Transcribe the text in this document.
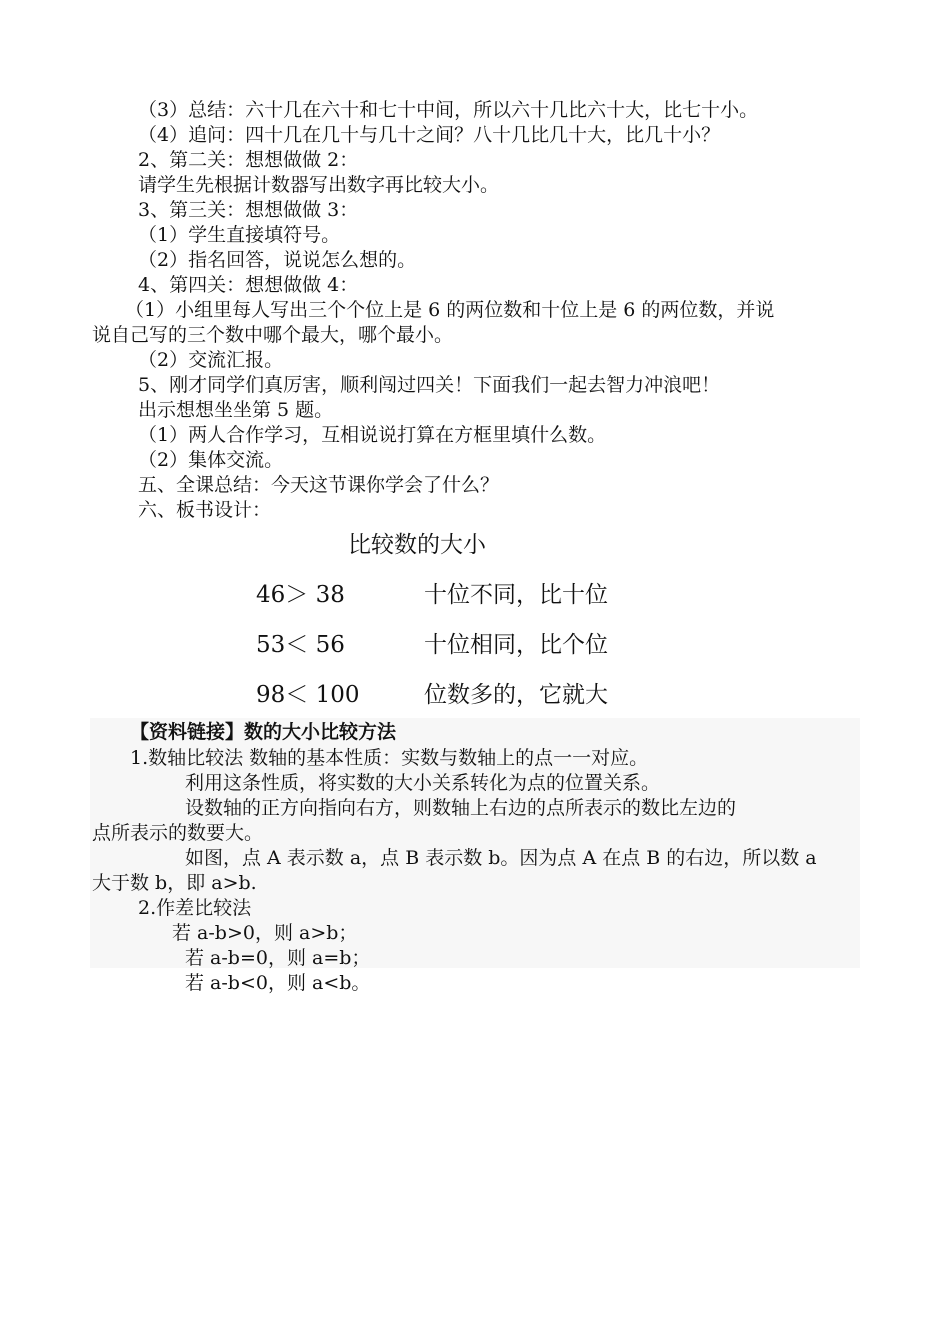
（3）总结：六十几在六十和七十中间，所以六十几比六十大，比七十小。
（4）追问：四十几在几十与几十之间？八十几比几十大，比几十小？
2、第二关：想想做做 2：
请学生先根据计数器写出数字再比较大小。
3、第三关：想想做做 3：
（1）学生直接填符号。
（2）指名回答，说说怎么想的。
4、第四关：想想做做 4：
（1）小组里每人写出三个个位上是 6 的两位数和十位上是 6 的两位数，并说
说自己写的三个数中哪个最大，哪个最小。
（2）交流汇报。
5、刚才同学们真厉害，顺利闯过四关！下面我们一起去智力冲浪吧！
出示想想坐坐第 5 题。
（1）两人合作学习，互相说说打算在方框里填什么数。
（2）集体交流。
五、全课总结：今天这节课你学会了什么？
六、板书设计：
比较数的大小
46＞ 38	十位不同，比十位
53＜ 56	十位相同，比个位
98＜ 100	位数多的，它就大
【资料链接】数的大小比较方法
1.数轴比较法 数轴的基本性质：实数与数轴上的点一一对应。
利用这条性质，将实数的大小关系转化为点的位置关系。
设数轴的正方向指向右方，则数轴上右边的点所表示的数比左边的
点所表示的数要大。
如图，点 A 表示数 a，点 B 表示数 b。因为点 A 在点 B 的右边，所以数 a
大于数 b，即 a>b.
2.作差比较法
若 a-b>0，则 a>b；
若 a-b=0，则 a=b；
若 a-b<0，则 a<b。
